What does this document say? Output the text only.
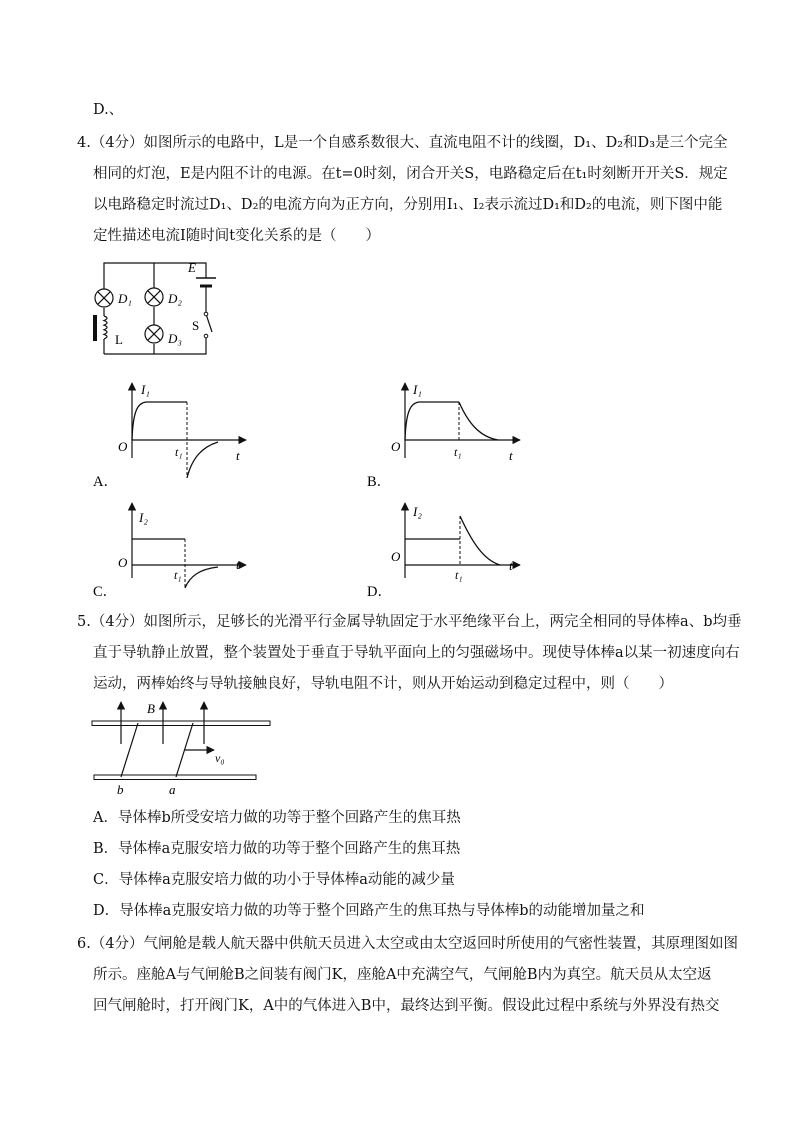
D.、
4.（4分）如图所示的电路中，L是一个自感系数很大、直流电阻不计的线圈，D₁、D₂和D₃是三个完全
相同的灯泡，E是内阻不计的电源。在t=0时刻，闭合开关S，电路稳定后在t₁时刻断开开关S．规定
以电路稳定时流过D₁、D₂的电流方向为正方向，分别用I₁、I₂表示流过D₁和D₂的电流，则下图中能
定性描述电流I随时间t变化关系的是（　　）
D₁	D₂
D₃
E
S
L
I₁
O	t₁	t
A．
I₁
O	t₁	t
B．
I₂
O
t₁
t
C．
I₂
O
t₁
t
D．
5.（4分）如图所示，足够长的光滑平行金属导轨固定于水平绝缘平台上，两完全相同的导体棒a、b均垂
直于导轨静止放置，整个装置处于垂直于导轨平面向上的匀强磁场中。现使导体棒a以某一初速度向右
运动，两棒始终与导轨接触良好，导轨电阻不计，则从开始运动到稳定过程中，则（　　）
B
v₀
b	a
A．导体棒b所受安培力做的功等于整个回路产生的焦耳热
B．导体棒a克服安培力做的功等于整个回路产生的焦耳热
C．导体棒a克服安培力做的功小于导体棒a动能的减少量
D．导体棒a克服安培力做的功等于整个回路产生的焦耳热与导体棒b的动能增加量之和
6.（4分）气闸舱是载人航天器中供航天员进入太空或由太空返回时所使用的气密性装置，其原理图如图
所示。座舱A与气闸舱B之间装有阀门K，座舱A中充满空气，气闸舱B内为真空。航天员从太空返
回气闸舱时，打开阀门K，A中的气体进入B中，最终达到平衡。假设此过程中系统与外界没有热交
